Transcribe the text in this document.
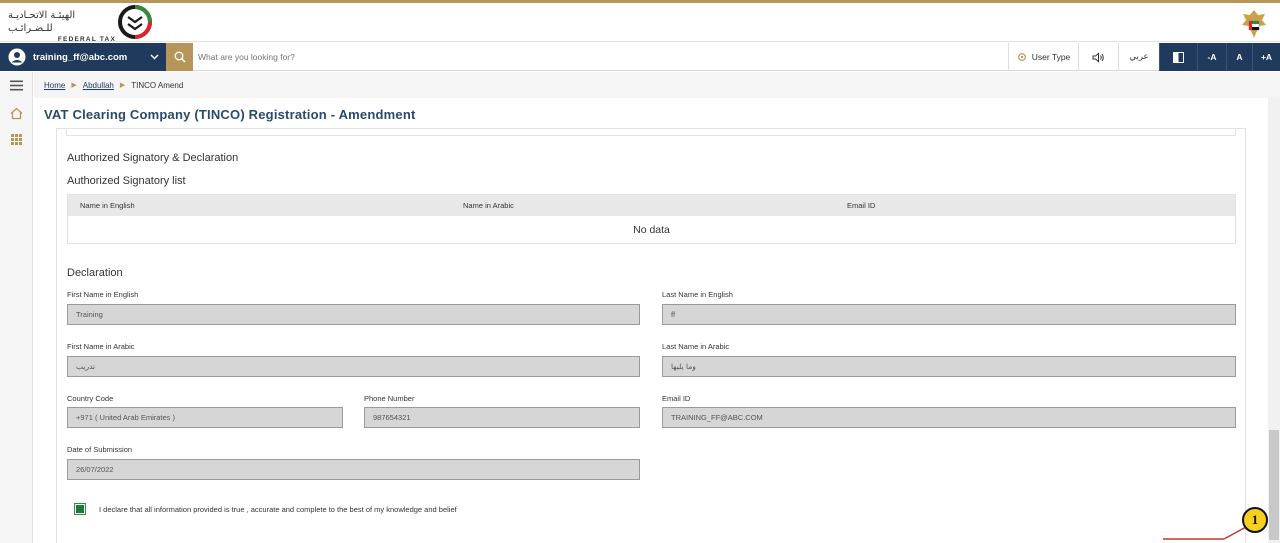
الهيئـة الاتحـاديـة للـضـرائـب
FEDERAL TAX
training_ff@abc.com
What are you looking for?	User Type	عربي	-A	A	+A
Home ▶ Abdullah ▶ TINCO Amend
VAT Clearing Company (TINCO) Registration - Amendment
Authorized Signatory & Declaration
Authorized Signatory list
Name in English	Name in Arabic	Email ID
No data
Declaration
First Name in English
Training
Last Name in English
ff
First Name in Arabic
تدريب
Last Name in Arabic
وما يليها
Country Code
+971 ( United Arab Emirates )
Phone Number
987654321
Email ID
TRAINING_FF@ABC.COM
Date of Submission
26/07/2022
I declare that all information provided is true , accurate and complete to the best of my knowledge and belief
1
